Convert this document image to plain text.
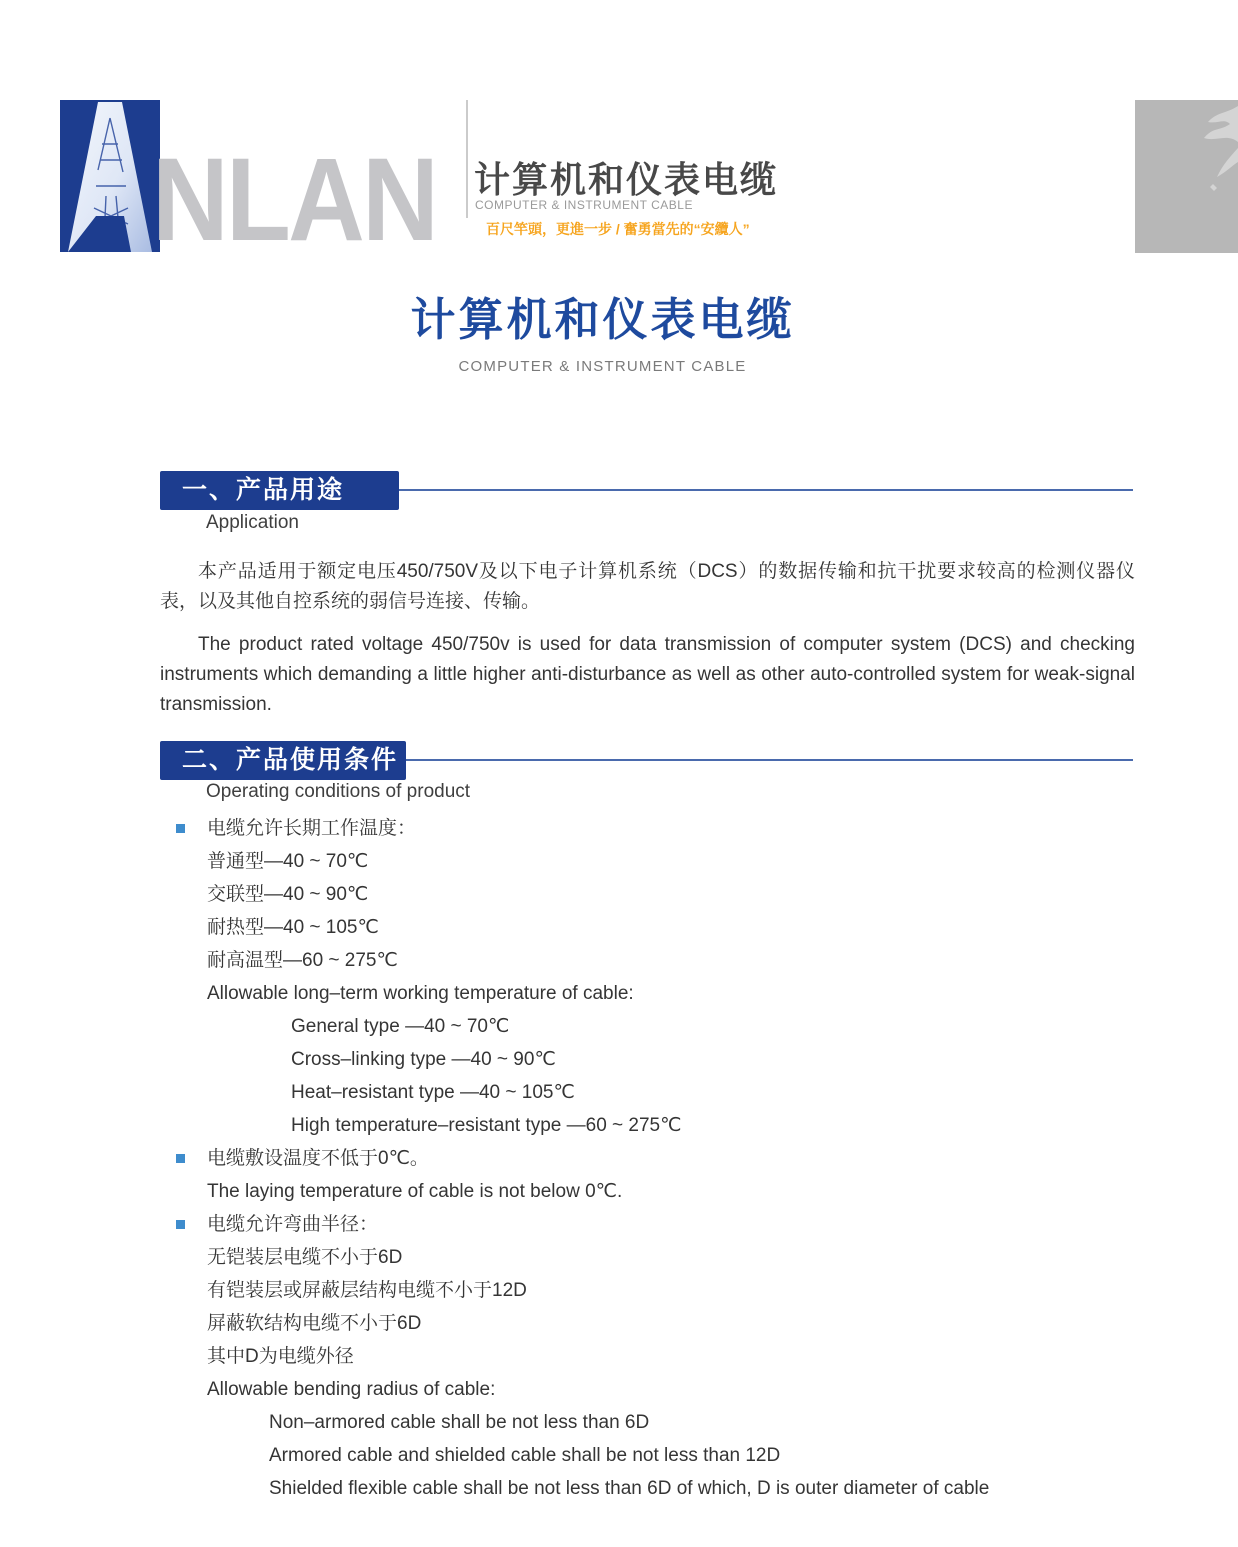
NLAN 计算机和仪表电缆
COMPUTER & INSTRUMENT CABLE
百尺竿頭，更進一步 / 奮勇當先的“安纜人”
计算机和仪表电缆
COMPUTER & INSTRUMENT CABLE
一、产品用途
Application

本产品适用于额定电压450/750V及以下电子计算机系统（DCS）的数据传输和抗干扰要求较高的检测仪器仪表，以及其他自控系统的弱信号连接、传输。

The product rated voltage 450/750v is used for data transmission of computer system (DCS) and checking instruments which demanding a little higher anti-disturbance as well as other auto-controlled system for weak-signal transmission.

二、产品使用条件
Operating conditions of product
电缆允许长期工作温度：
普通型—40 ~ 70℃
交联型—40 ~ 90℃
耐热型—40 ~ 105℃
耐高温型—60 ~ 275℃
Allowable long–term working temperature of cable:
General type —40 ~ 70℃
Cross–linking type —40 ~ 90℃
Heat–resistant type —40 ~ 105℃
High temperature–resistant type —60 ~ 275℃
电缆敷设温度不低于0℃。
The laying temperature of cable is not below 0℃.
电缆允许弯曲半径：
无铠装层电缆不小于6D
有铠装层或屏蔽层结构电缆不小于12D
屏蔽软结构电缆不小于6D
其中D为电缆外径
Allowable bending radius of cable:
Non–armored cable shall be not less than 6D
Armored cable and shielded cable shall be not less than 12D
Shielded flexible cable shall be not less than 6D of which, D is outer diameter of cable
